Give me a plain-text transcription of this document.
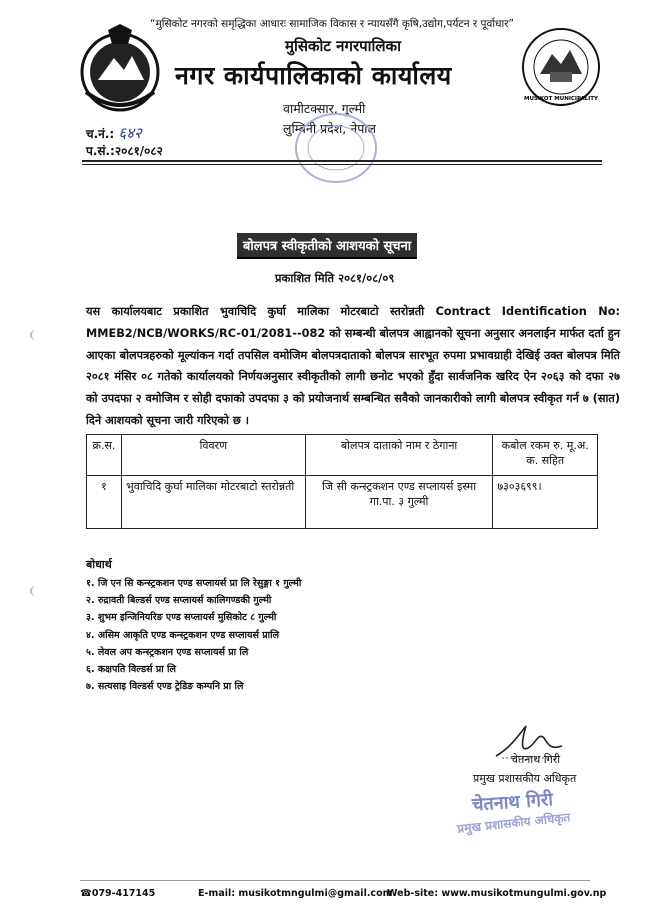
“मुसिकोट नगरको समृद्धिका आधारः सामाजिक विकास र न्यायसँगै कृषि,उद्योग,पर्यटन र पूर्वाधार”
मुसिकोट नगरपालिका
नगर कार्यपालिकाको कार्यालय
वामीटक्सार, गुल्मी
लुम्बिनी प्रदेश, नेपाल
MUSIKOT MUNICIPALITY
च.नं.: ६४२
प.सं.:२०८१/०८२
बोलपत्र स्वीकृतीको आशयको सूचना
प्रकाशित मिति २०८१/०८/०९
यस कार्यालयबाट प्रकाशित भुवाचिदि कुर्घा मालिका मोटरबाटो स्तरोन्नती Contract Identification No: MMEB2/NCB/WORKS/RC-01/2081--082 को सम्बन्धी बोलपत्र आह्वानको सूचना अनुसार अनलाईन मार्फत दर्ता हुन आएका बोलपत्रहरुको मूल्यांकन गर्दा तपसिल वमोजिम बोलपत्रदाताको बोलपत्र सारभूत रुपमा प्रभावग्राही देखिई उक्त बोलपत्र मिति २०८१ मंसिर ०८ गतेको कार्यालयको निर्णयअनुसार स्वीकृतीको लागी छनोट भएको हुँदा सार्वजनिक खरिद ऐन २०६३ को दफा २७ को उपदफा २ वमोजिम र सोही दफाको उपदफा ३ को प्रयोजनार्थ सम्बन्धित सवैको जानकारीको लागी बोलपत्र स्वीकृत गर्न ७ (सात) दिने आशयको सूचना जारी गरिएको छ ।
क्र.स.	विवरण	बोलपत्र दाताको नाम र ठेगाना	कबोल रकम रु. मू.अ. क. सहित
१	भुवाचिदि कुर्घा मालिका मोटरबाटो स्तरोन्नती	जि सी कन्स्ट्रकशन एण्ड सप्लायर्स इस्मा गा.पा. ३ गुल्मी	७३०३६९९।
बोधार्थ
१. जि एन सि कन्स्ट्रकशन एण्ड सप्लायर्स प्रा लि रेसुङ्गा १ गुल्मी
२. रुद्रावती बिल्डर्स एण्ड सप्लायर्स कालिगण्डकी गुल्मी
३. शुभम इन्जिनियरिङ एण्ड सप्लायर्स मुसिकोट ८ गुल्मी
४. असिम आकृति एण्ड कन्स्ट्रकशन एण्ड सप्लायर्स प्रालि
५. लेवल अप कन्स्ट्रकशन एण्ड सप्लायर्स प्रा लि
६. कक्षपति विल्डर्स प्रा लि
७. सत्यसाइ विल्डर्स एण्ड ट्रेडिङ कम्पनि प्रा लि
चेतनाथ गिरी
प्रमुख प्रशासकीय अधिकृत
चेतनाथ गिरी
प्रमुख प्रशासकीय अधिकृत
☎079-417145	E-mail: musikotmngulmi@gmail.com
Web-site: www.musikotmungulmi.gov.np
